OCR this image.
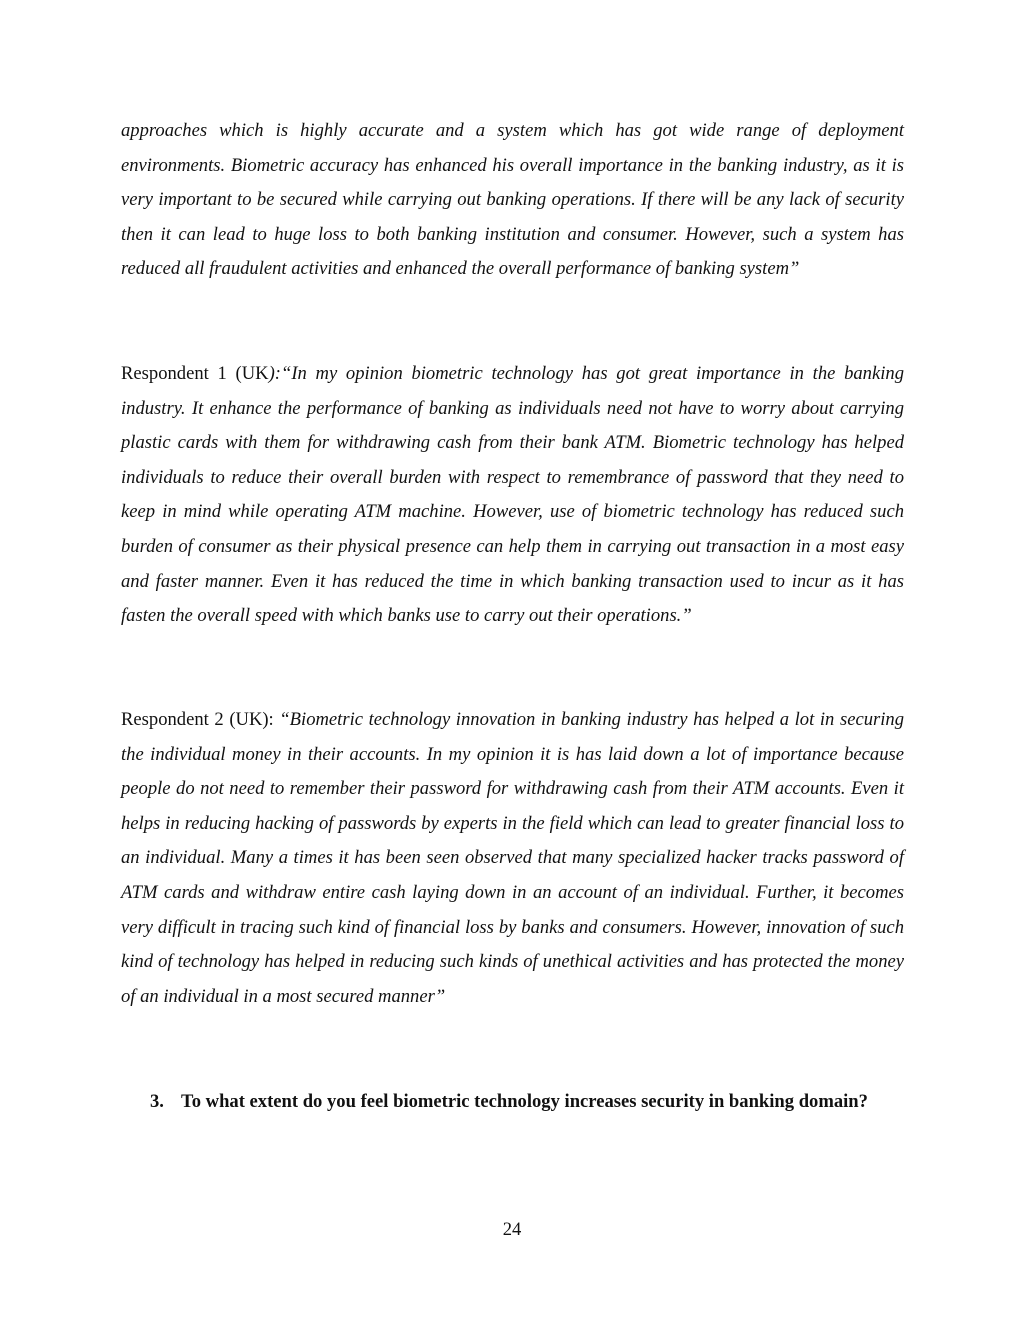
approaches which is highly accurate and a system which has got wide range of deployment environments. Biometric accuracy has enhanced his overall importance in the banking industry, as it is very important to be secured while carrying out banking operations. If there will be any lack of security then it can lead to huge loss to both banking institution and consumer. However, such a system has reduced all fraudulent activities and enhanced the overall performance of banking system”

Respondent 1 (UK):“In my opinion biometric technology has got great importance in the banking industry. It enhance the performance of banking as individuals need not have to worry about carrying plastic cards with them for withdrawing cash from their bank ATM. Biometric technology has helped individuals to reduce their overall burden with respect to remembrance of password that they need to keep in mind while operating ATM machine. However, use of biometric technology has reduced such burden of consumer as their physical presence can help them in carrying out transaction in a most easy and faster manner. Even it has reduced the time in which banking transaction used to incur as it has fasten the overall speed with which banks use to carry out their operations.”

Respondent 2 (UK): “Biometric technology innovation in banking industry has helped a lot in securing the individual money in their accounts. In my opinion it is has laid down a lot of importance because people do not need to remember their password for withdrawing cash from their ATM accounts. Even it helps in reducing hacking of passwords by experts in the field which can lead to greater financial loss to an individual. Many a times it has been seen observed that many specialized hacker tracks password of ATM cards and withdraw entire cash laying down in an account of an individual. Further, it becomes very difficult in tracing such kind of financial loss by banks and consumers. However, innovation of such kind of technology has helped in reducing such kinds of unethical activities and has protected the money of an individual in a most secured manner”

3. To what extent do you feel biometric technology increases security in banking domain?
24
